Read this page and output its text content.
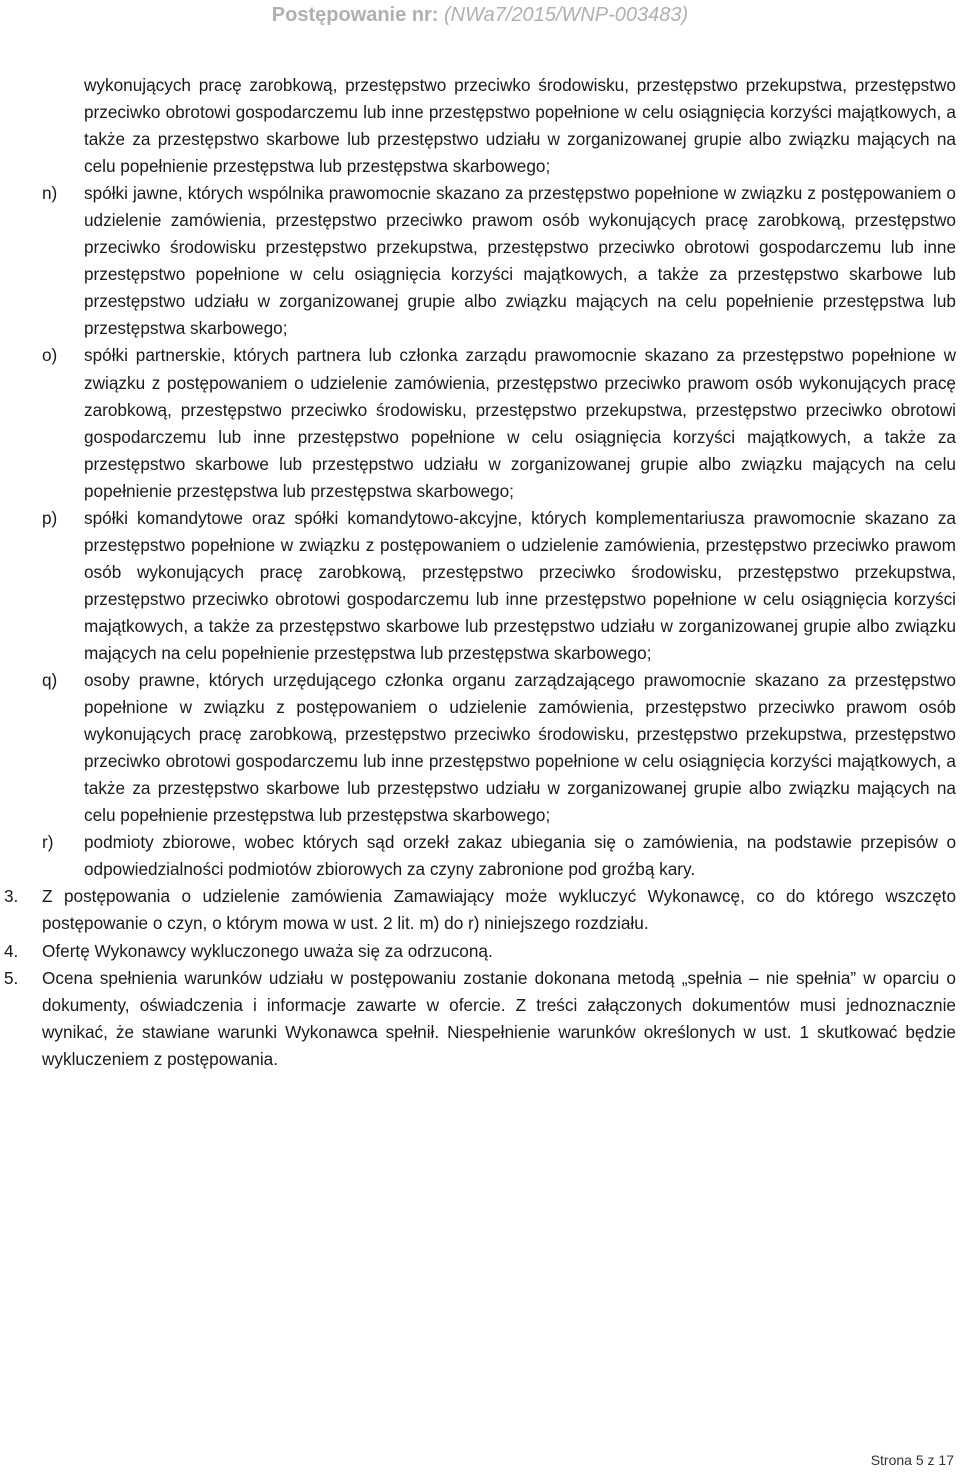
Postępowanie nr: (NWa7/2015/WNP-003483)

wykonujących pracę zarobkową, przestępstwo przeciwko środowisku, przestępstwo przekupstwa, przestępstwo przeciwko obrotowi gospodarczemu lub inne przestępstwo popełnione w celu osiągnięcia korzyści majątkowych, a także za przestępstwo skarbowe lub przestępstwo udziału w zorganizowanej grupie albo związku mających na celu popełnienie przestępstwa lub przestępstwa skarbowego;

n) spółki jawne, których wspólnika prawomocnie skazano za przestępstwo popełnione w związku z postępowaniem o udzielenie zamówienia, przestępstwo przeciwko prawom osób wykonujących pracę zarobkową, przestępstwo przeciwko środowisku przestępstwo przekupstwa, przestępstwo przeciwko obrotowi gospodarczemu lub inne przestępstwo popełnione w celu osiągnięcia korzyści majątkowych, a także za przestępstwo skarbowe lub przestępstwo udziału w zorganizowanej grupie albo związku mających na celu popełnienie przestępstwa lub przestępstwa skarbowego;
o) spółki partnerskie, których partnera lub członka zarządu prawomocnie skazano za przestępstwo popełnione w związku z postępowaniem o udzielenie zamówienia, przestępstwo przeciwko prawom osób wykonujących pracę zarobkową, przestępstwo przeciwko środowisku, przestępstwo przekupstwa, przestępstwo przeciwko obrotowi gospodarczemu lub inne przestępstwo popełnione w celu osiągnięcia korzyści majątkowych, a także za przestępstwo skarbowe lub przestępstwo udziału w zorganizowanej grupie albo związku mających na celu popełnienie przestępstwa lub przestępstwa skarbowego;
p) spółki komandytowe oraz spółki komandytowo-akcyjne, których komplementariusza prawomocnie skazano za przestępstwo popełnione w związku z postępowaniem o udzielenie zamówienia, przestępstwo przeciwko prawom osób wykonujących pracę zarobkową, przestępstwo przeciwko środowisku, przestępstwo przekupstwa, przestępstwo przeciwko obrotowi gospodarczemu lub inne przestępstwo popełnione w celu osiągnięcia korzyści majątkowych, a także za przestępstwo skarbowe lub przestępstwo udziału w zorganizowanej grupie albo związku mających na celu popełnienie przestępstwa lub przestępstwa skarbowego;
q) osoby prawne, których urzędującego członka organu zarządzającego prawomocnie skazano za przestępstwo popełnione w związku z postępowaniem o udzielenie zamówienia, przestępstwo przeciwko prawom osób wykonujących pracę zarobkową, przestępstwo przeciwko środowisku, przestępstwo przekupstwa, przestępstwo przeciwko obrotowi gospodarczemu lub inne przestępstwo popełnione w celu osiągnięcia korzyści majątkowych, a także za przestępstwo skarbowe lub przestępstwo udziału w zorganizowanej grupie albo związku mających na celu popełnienie przestępstwa lub przestępstwa skarbowego;
r) podmioty zbiorowe, wobec których sąd orzekł zakaz ubiegania się o zamówienia, na podstawie przepisów o odpowiedzialności podmiotów zbiorowych za czyny zabronione pod groźbą kary.
3. Z postępowania o udzielenie zamówienia Zamawiający może wykluczyć Wykonawcę, co do którego wszczęto postępowanie o czyn, o którym mowa w ust. 2 lit. m) do r) niniejszego rozdziału.
4. Ofertę Wykonawcy wykluczonego uważa się za odrzuconą.
5. Ocena spełnienia warunków udziału w postępowaniu zostanie dokonana metodą „spełnia – nie spełnia” w oparciu o dokumenty, oświadczenia i informacje zawarte w ofercie. Z treści załączonych dokumentów musi jednoznacznie wynikać, że stawiane warunki Wykonawca spełnił. Niespełnienie warunków określonych w ust. 1 skutkować będzie wykluczeniem z postępowania.
Strona 5 z 17
